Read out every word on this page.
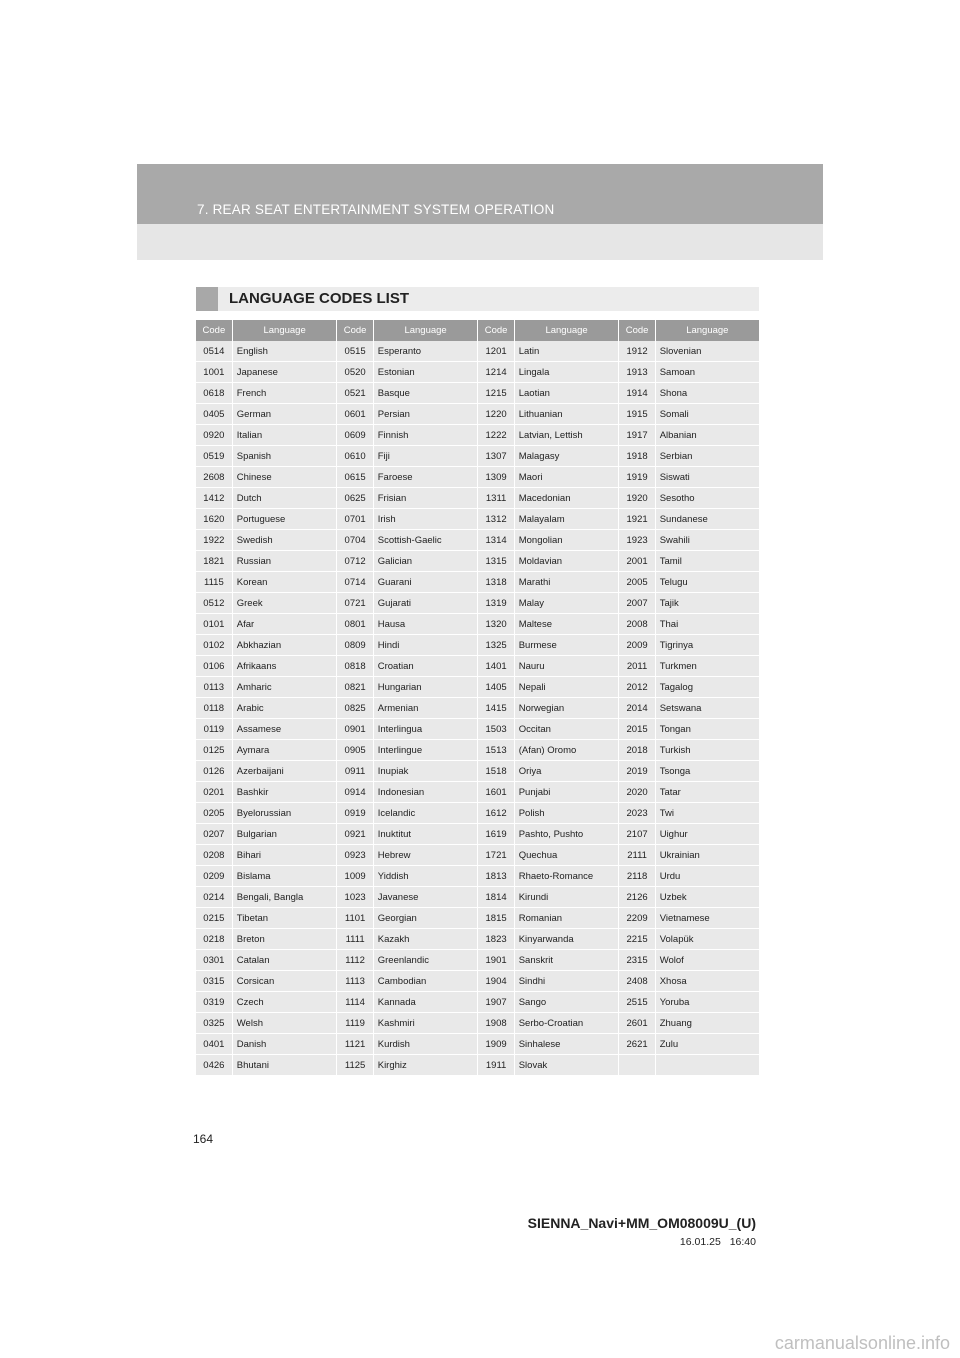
7. REAR SEAT ENTERTAINMENT SYSTEM OPERATION
LANGUAGE CODES LIST
Code	Language	Code	Language	Code	Language	Code	Language
0514	English	0515	Esperanto	1201	Latin	1912	Slovenian
1001	Japanese	0520	Estonian	1214	Lingala	1913	Samoan
0618	French	0521	Basque	1215	Laotian	1914	Shona
0405	German	0601	Persian	1220	Lithuanian	1915	Somali
0920	Italian	0609	Finnish	1222	Latvian, Lettish	1917	Albanian
0519	Spanish	0610	Fiji	1307	Malagasy	1918	Serbian
2608	Chinese	0615	Faroese	1309	Maori	1919	Siswati
1412	Dutch	0625	Frisian	1311	Macedonian	1920	Sesotho
1620	Portuguese	0701	Irish	1312	Malayalam	1921	Sundanese
1922	Swedish	0704	Scottish-Gaelic	1314	Mongolian	1923	Swahili
1821	Russian	0712	Galician	1315	Moldavian	2001	Tamil
1115	Korean	0714	Guarani	1318	Marathi	2005	Telugu
0512	Greek	0721	Gujarati	1319	Malay	2007	Tajik
0101	Afar	0801	Hausa	1320	Maltese	2008	Thai
0102	Abkhazian	0809	Hindi	1325	Burmese	2009	Tigrinya
0106	Afrikaans	0818	Croatian	1401	Nauru	2011	Turkmen
0113	Amharic	0821	Hungarian	1405	Nepali	2012	Tagalog
0118	Arabic	0825	Armenian	1415	Norwegian	2014	Setswana
0119	Assamese	0901	Interlingua	1503	Occitan	2015	Tongan
0125	Aymara	0905	Interlingue	1513	(Afan) Oromo	2018	Turkish
0126	Azerbaijani	0911	Inupiak	1518	Oriya	2019	Tsonga
0201	Bashkir	0914	Indonesian	1601	Punjabi	2020	Tatar
0205	Byelorussian	0919	Icelandic	1612	Polish	2023	Twi
0207	Bulgarian	0921	Inuktitut	1619	Pashto, Pushto	2107	Uighur
0208	Bihari	0923	Hebrew	1721	Quechua	2111	Ukrainian
0209	Bislama	1009	Yiddish	1813	Rhaeto-Romance	2118	Urdu
0214	Bengali, Bangla	1023	Javanese	1814	Kirundi	2126	Uzbek
0215	Tibetan	1101	Georgian	1815	Romanian	2209	Vietnamese
0218	Breton	1111	Kazakh	1823	Kinyarwanda	2215	Volapük
0301	Catalan	1112	Greenlandic	1901	Sanskrit	2315	Wolof
0315	Corsican	1113	Cambodian	1904	Sindhi	2408	Xhosa
0319	Czech	1114	Kannada	1907	Sango	2515	Yoruba
0325	Welsh	1119	Kashmiri	1908	Serbo-Croatian	2601	Zhuang
0401	Danish	1121	Kurdish	1909	Sinhalese	2621	Zulu
0426	Bhutani	1125	Kirghiz	1911	Slovak		
164
SIENNA_Navi+MM_OM08009U_(U)
16.01.25 16:40
carmanualsonline.info
